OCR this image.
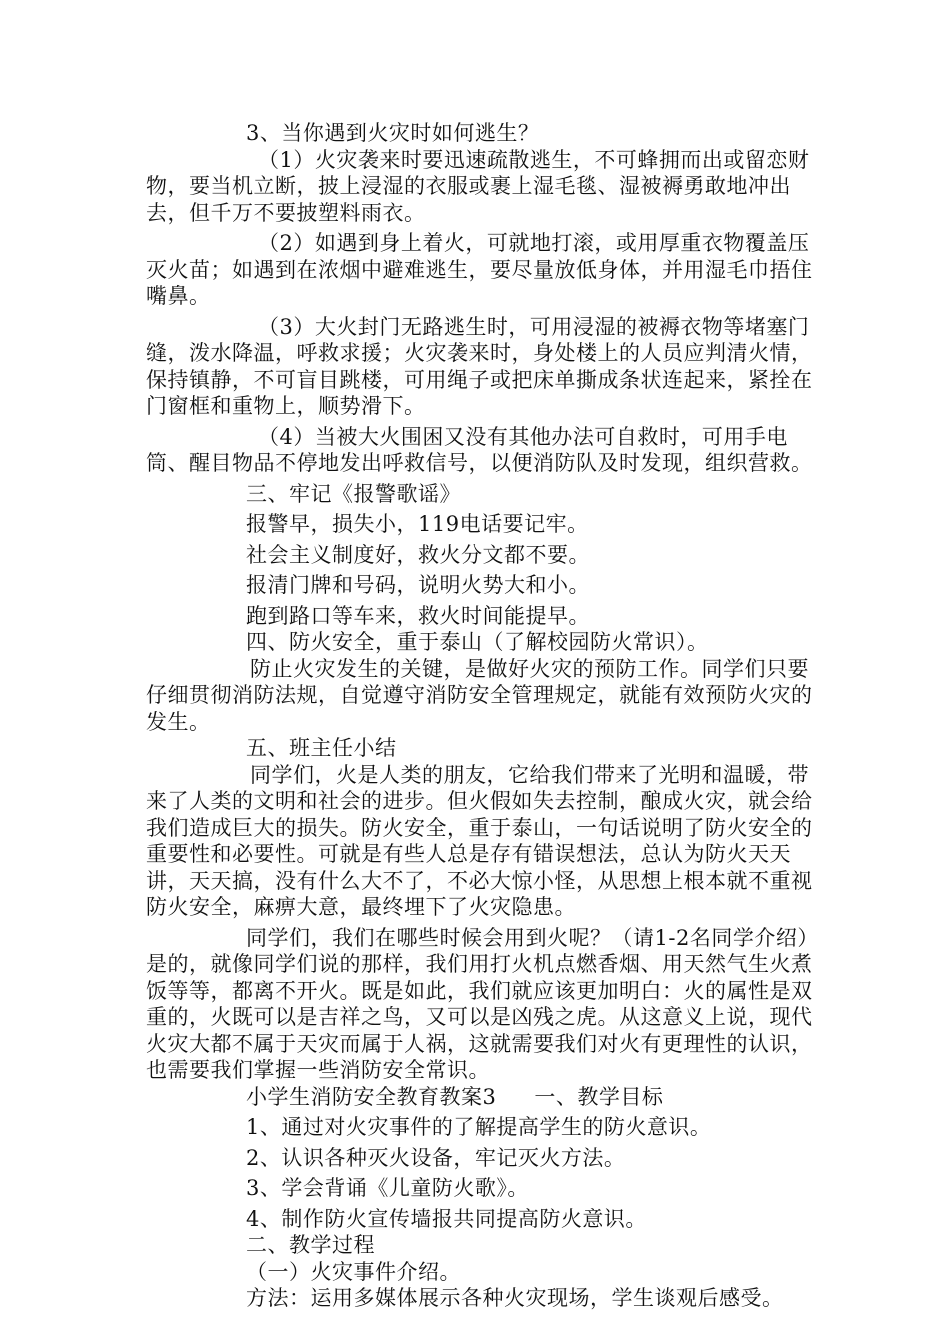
3、当你遇到火灾时如何逃生？

（1）火灾袭来时要迅速疏散逃生，不可蜂拥而出或留恋财物，要当机立断，披上浸湿的衣服或裹上湿毛毯、湿被褥勇敢地冲出去，但千万不要披塑料雨衣。

（2）如遇到身上着火，可就地打滚，或用厚重衣物覆盖压灭火苗；如遇到在浓烟中避难逃生，要尽量放低身体，并用湿毛巾捂住嘴鼻。

（3）大火封门无路逃生时，可用浸湿的被褥衣物等堵塞门缝，泼水降温，呼救求援；火灾袭来时，身处楼上的人员应判清火情，保持镇静，不可盲目跳楼，可用绳子或把床单撕成条状连起来，紧拴在门窗框和重物上，顺势滑下。

（4）当被大火围困又没有其他办法可自救时，可用手电筒、醒目物品不停地发出呼救信号，以便消防队及时发现，组织营救。

三、牢记《报警歌谣》

报警早，损失小，119电话要记牢。

社会主义制度好，救火分文都不要。

报清门牌和号码，说明火势大和小。

跑到路口等车来，救火时间能提早。

四、防火安全，重于泰山（了解校园防火常识）。

防止火灾发生的关键，是做好火灾的预防工作。同学们只要仔细贯彻消防法规，自觉遵守消防安全管理规定，就能有效预防火灾的发生。

五、班主任小结

同学们，火是人类的朋友，它给我们带来了光明和温暖，带来了人类的文明和社会的进步。但火假如失去控制，酿成火灾，就会给我们造成巨大的损失。防火安全，重于泰山，一句话说明了防火安全的重要性和必要性。可就是有些人总是存有错误想法，总认为防火天天讲，天天搞，没有什么大不了，不必大惊小怪，从思想上根本就不重视防火安全，麻痹大意，最终埋下了火灾隐患。

同学们，我们在哪些时候会用到火呢？（请1-2名同学介绍）是的，就像同学们说的那样，我们用打火机点燃香烟、用天然气生火煮饭等等，都离不开火。既是如此，我们就应该更加明白：火的属性是双重的，火既可以是吉祥之鸟，又可以是凶残之虎。从这意义上说，现代火灾大都不属于天灾而属于人祸，这就需要我们对火有更理性的认识，也需要我们掌握一些消防安全常识。

小学生消防安全教育教案3 一、教学目标

1、通过对火灾事件的了解提高学生的防火意识。

2、认识各种灭火设备，牢记灭火方法。

3、学会背诵《儿童防火歌》。

4、制作防火宣传墙报共同提高防火意识。

二、教学过程

（一）火灾事件介绍。

方法：运用多媒体展示各种火灾现场，学生谈观后感受。
